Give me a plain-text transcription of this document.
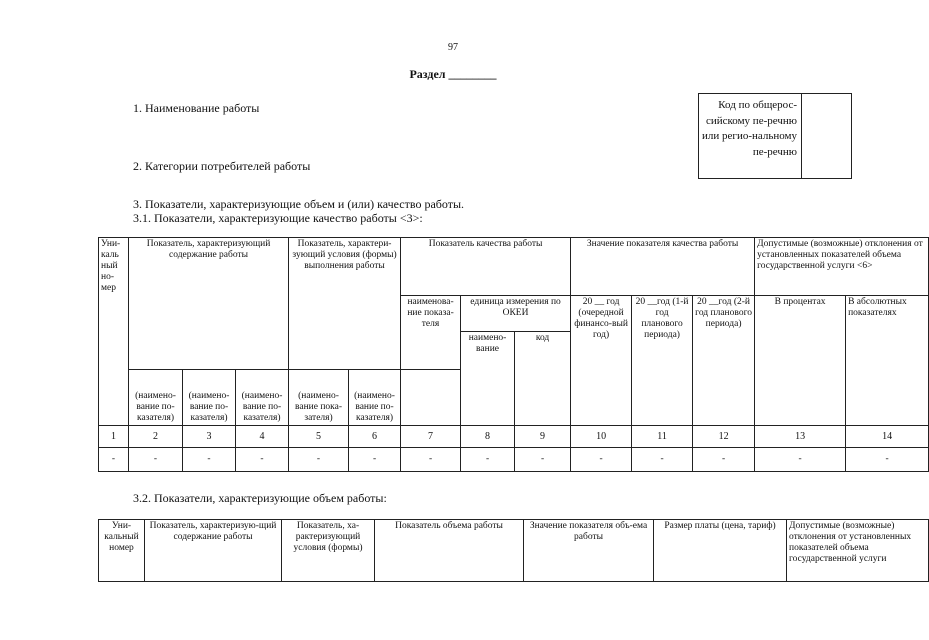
97
Раздел ________
1. Наименование работы
2. Категории потребителей работы
Код по общерос-сийскому пе-речню или регио-нальному пе-речню
3. Показатели, характеризующие объем и (или) качество работы.
3.1. Показатели, характеризующие качество работы <3>:
Уни-каль ный но-мер	Показатель, характеризующий содержание работы			Показатель, характери-зующий условия (формы) выполнения работы		Показатель качества работы			Значение показателя качества работы			Допустимые (возможные) отклонения от установленных показателей объема государственной услуги <6>	
						наименова-ние показа-теля	единица измерения по ОКЕИ		20 __ год (очередной финансо-вый год)	20 __год (1-й год планового периода)	20 __год (2-й год планового периода)	В процентах	В абсолютных показателях
							наимено-вание	код					
	(наимено-вание по-казателя)	(наимено-вание по-казателя)	(наимено-вание по-казателя)	(наимено-вание пока-зателя)	(наимено-вание по-казателя)								
1	2	3	4	5	6	7	8	9	10	11	12	13	14
-	-	-	-	-	-	-	-	-	-	-	-	-	-
3.2. Показатели, характеризующие объем работы:
Уни-кальный номер	Показатель, характеризую-щий содержание работы	Показатель, ха-рактеризующий условия (формы)	Показатель объема работы	Значение показателя объ-ема работы	Размер платы (цена, тариф)	Допустимые (возможные) отклонения от установленных показателей объема государственной услуги
